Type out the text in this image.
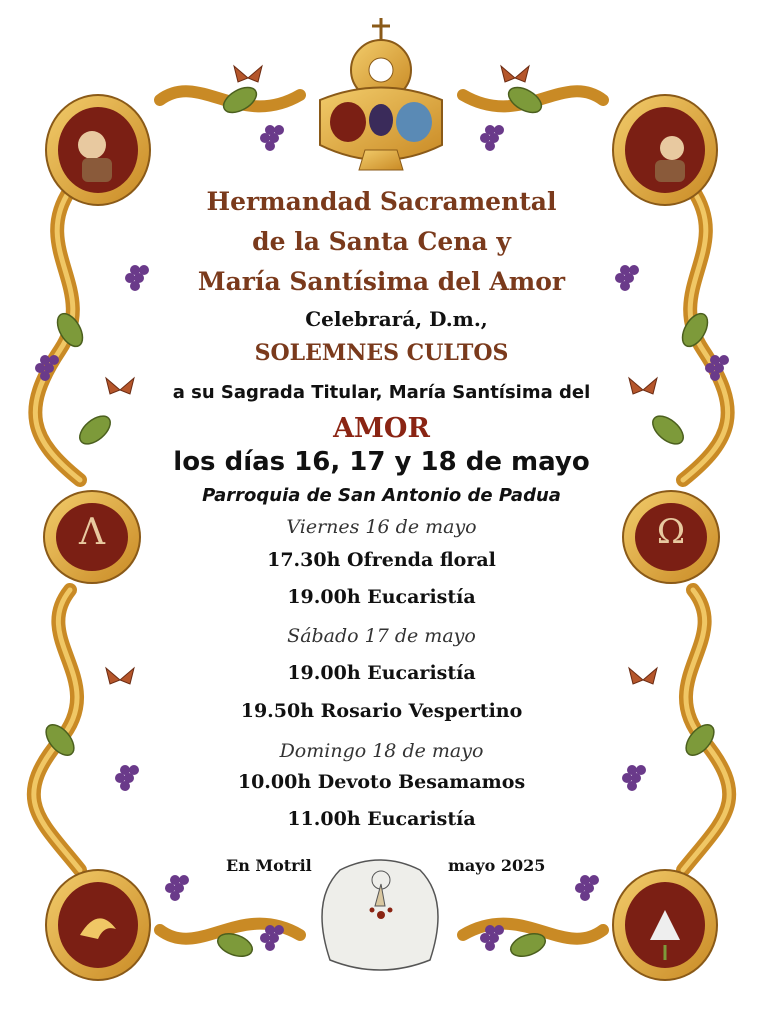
Hermandad Sacramental
de la Santa Cena y
María Santísima del Amor
Celebrará, D.m.,
SOLEMNES CULTOS
a su Sagrada Titular, María Santísima del
AMOR
los días 16, 17 y 18 de mayo
Parroquia de San Antonio de Padua
Viernes 16 de mayo
17.30h Ofrenda floral
19.00h Eucaristía
Sábado 17 de mayo
19.00h Eucaristía
19.50h Rosario Vespertino
Domingo 18 de mayo
10.00h Devoto Besamamos
11.00h Eucaristía
En Motril	mayo 2025
Λ	Ω
